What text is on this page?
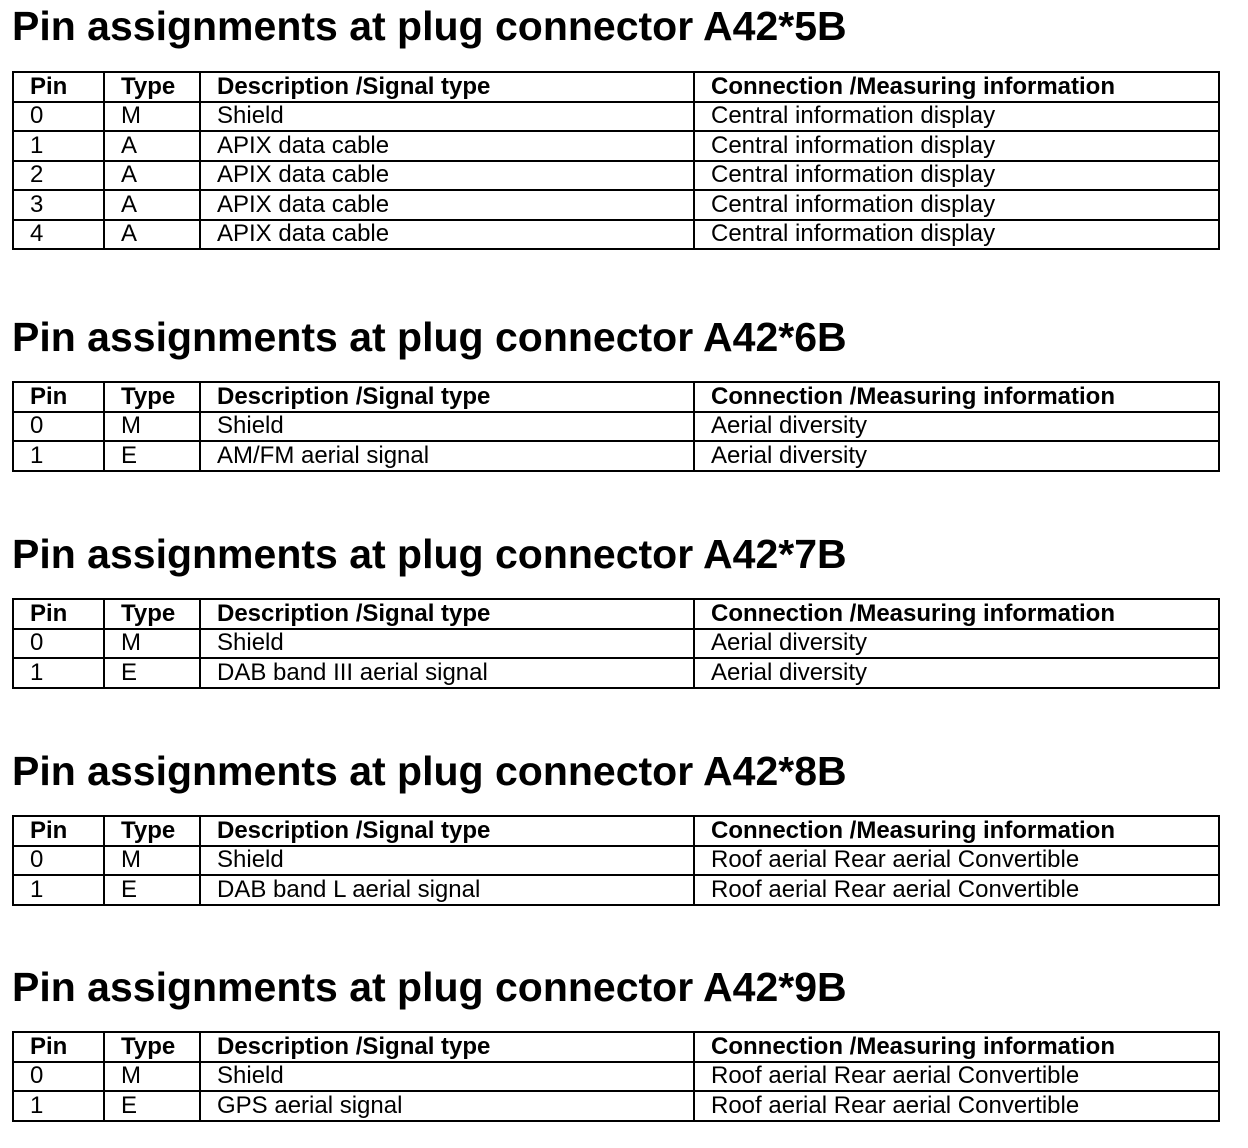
Pin assignments at plug connector A42*5B
Pin	Type	Description /Signal type	Connection /Measuring information
0	M	Shield	Central information display
1	A	APIX data cable	Central information display
2	A	APIX data cable	Central information display
3	A	APIX data cable	Central information display
4	A	APIX data cable	Central information display
Pin assignments at plug connector A42*6B
Pin	Type	Description /Signal type	Connection /Measuring information
0	M	Shield	Aerial diversity
1	E	AM/FM aerial signal	Aerial diversity
Pin assignments at plug connector A42*7B
Pin	Type	Description /Signal type	Connection /Measuring information
0	M	Shield	Aerial diversity
1	E	DAB band III aerial signal	Aerial diversity
Pin assignments at plug connector A42*8B
Pin	Type	Description /Signal type	Connection /Measuring information
0	M	Shield	Roof aerial Rear aerial Convertible
1	E	DAB band L aerial signal	Roof aerial Rear aerial Convertible
Pin assignments at plug connector A42*9B
Pin	Type	Description /Signal type	Connection /Measuring information
0	M	Shield	Roof aerial Rear aerial Convertible
1	E	GPS aerial signal	Roof aerial Rear aerial Convertible
